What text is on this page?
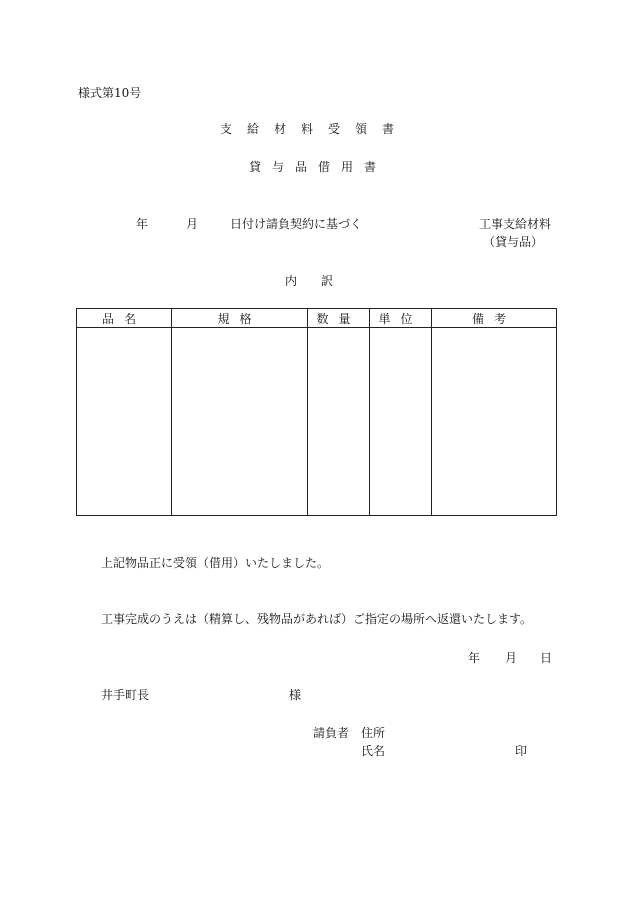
様式第10号
支給材料受領書
貸与品借用書
年	月	日付け請負契約に基づく	工事支給材料
（貸与品）
内　訳
品名	規格	数量	単位	備考

上記物品正に受領（借用）いたしました。
工事完成のうえは（精算し、残物品があれば）ご指定の場所へ返還いたします。
年 月 日
井手町長	様
請負者 住所
氏名	印
